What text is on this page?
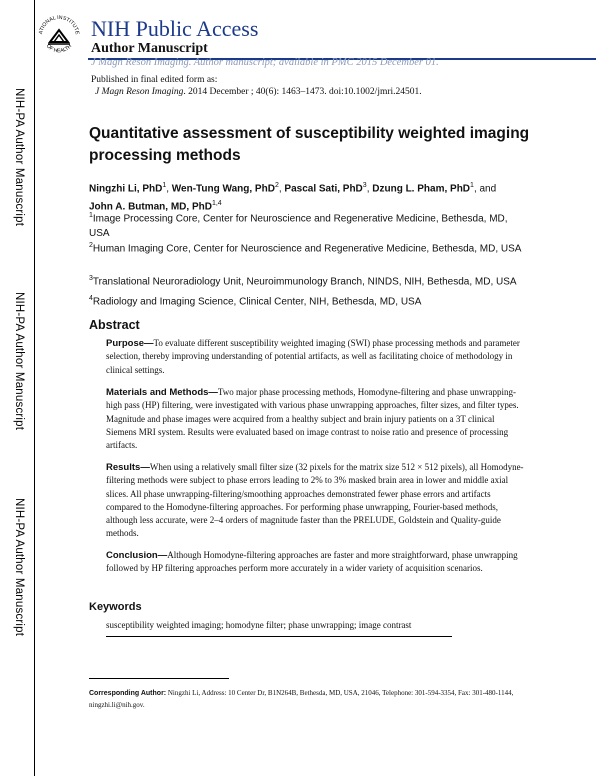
NIH-PA Author Manuscript
NIH-PA Author Manuscript
NIH-PA Author Manuscript
ATIONAL INSTITUTE
OF HEALTH
NIH Public Access
Author Manuscript
J Magn Reson Imaging. Author manuscript; available in PMC 2015 December 01.
Published in final edited form as:
J Magn Reson Imaging. 2014 December ; 40(6): 1463–1473. doi:10.1002/jmri.24501.
Quantitative assessment of susceptibility weighted imaging processing methods
Ningzhi Li, PhD$^1$, Wen-Tung Wang, PhD$^2$, Pascal Sati, PhD$^3$, Dzung L. Pham, PhD$^1$, and
John A. Butman, MD, PhD$^{1,4}$
$^1$Image Processing Core, Center for Neuroscience and Regenerative Medicine, Bethesda, MD, USA
$^2$Human Imaging Core, Center for Neuroscience and Regenerative Medicine, Bethesda, MD, USA
$^3$Translational Neuroradiology Unit, Neuroimmunology Branch, NINDS, NIH, Bethesda, MD, USA
$^4$Radiology and Imaging Science, Clinical Center, NIH, Bethesda, MD, USA
Abstract
Purpose—To evaluate different susceptibility weighted imaging (SWI) phase processing methods and parameter selection, thereby improving understanding of potential artifacts, as well as facilitating choice of methodology in clinical settings.
Materials and Methods—Two major phase processing methods, Homodyne-filtering and phase unwrapping-high pass (HP) filtering, were investigated with various phase unwrapping approaches, filter sizes, and filter types. Magnitude and phase images were acquired from a healthy subject and brain injury patients on a 3T clinical Siemens MRI system. Results were evaluated based on image contrast to noise ratio and presence of processing artifacts.
Results—When using a relatively small filter size (32 pixels for the matrix size 512 × 512 pixels), all Homodyne-filtering methods were subject to phase errors leading to 2% to 3% masked brain area in lower and middle axial slices. All phase unwrapping-filtering/smoothing approaches demonstrated fewer phase errors and artifacts compared to the Homodyne-filtering approaches. For performing phase unwrapping, Fourier-based methods, although less accurate, were 2–4 orders of magnitude faster than the PRELUDE, Goldstein and Quality-guide methods.
Conclusion—Although Homodyne-filtering approaches are faster and more straightforward, phase unwrapping followed by HP filtering approaches perform more accurately in a wider variety of acquisition scenarios.
Keywords
susceptibility weighted imaging; homodyne filter; phase unwrapping; image contrast
Corresponding Author: Ningzhi Li, Address: 10 Center Dr, B1N264B, Bethesda, MD, USA, 21046, Telephone: 301-594-3354, Fax: 301-480-1144, ningzhi.li@nih.gov.
